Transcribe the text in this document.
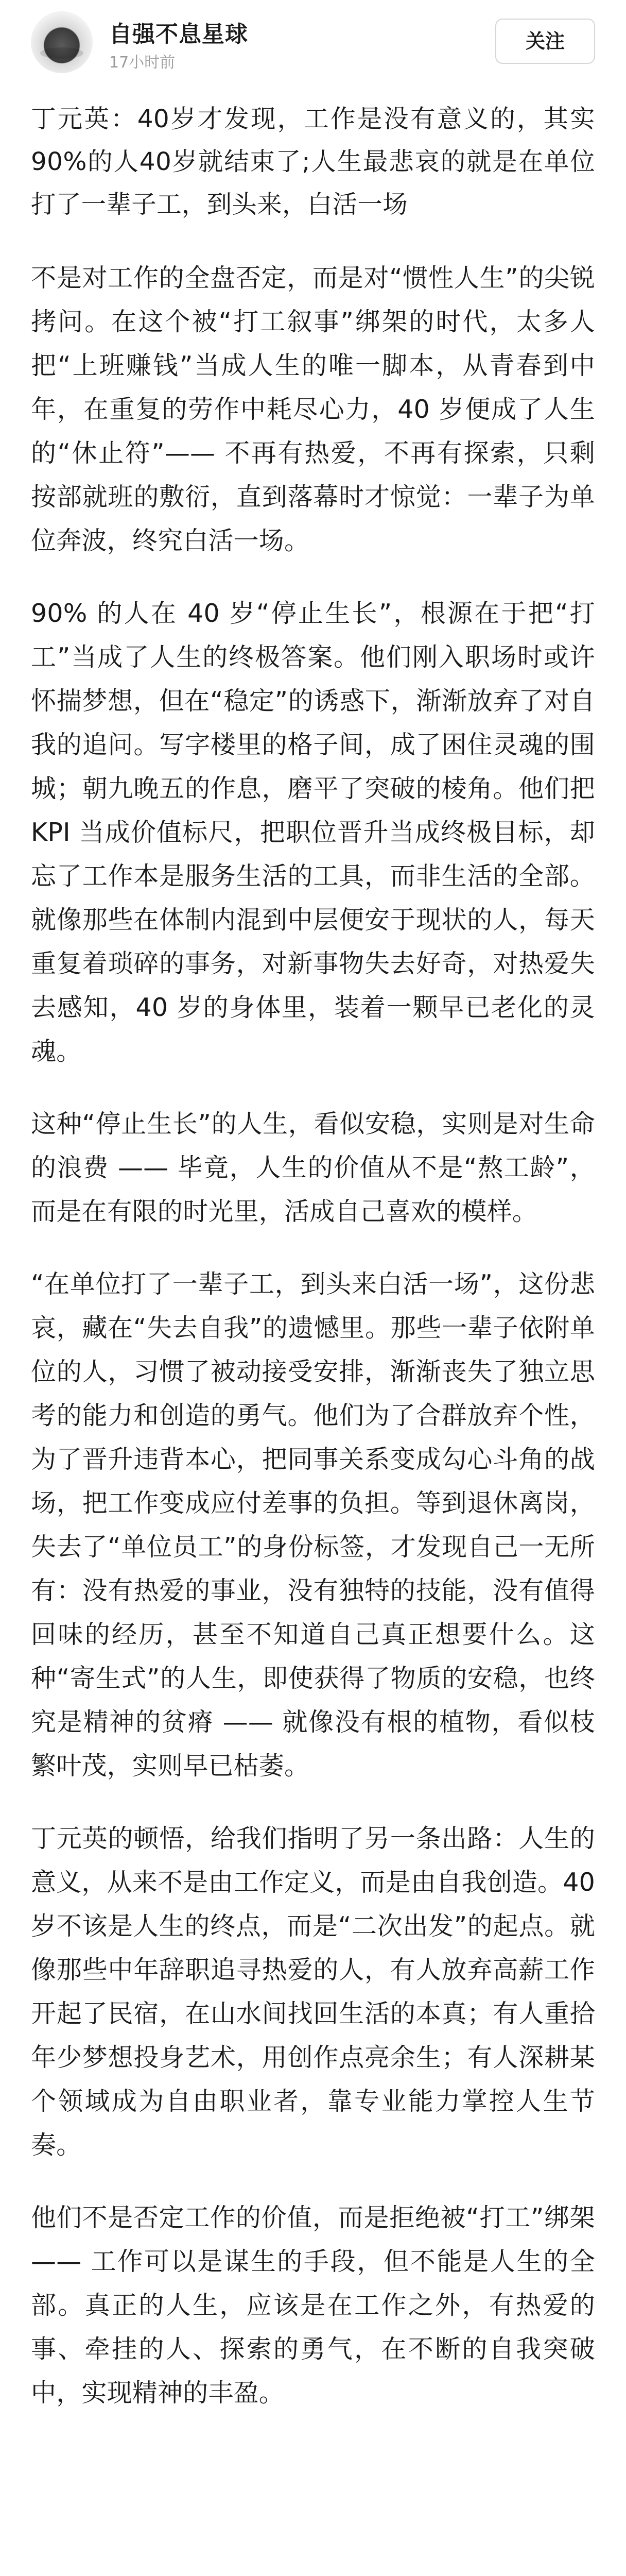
自强不息星球
17小时前
关注

丁元英：40岁才发现，工作是没有意义的，其实90%的人40岁就结束了;人生最悲哀的就是在单位打了一辈子工，到头来，白活一场

不是对工作的全盘否定，而是对“惯性人生”的尖锐拷问。在这个被“打工叙事”绑架的时代，太多人把“上班赚钱”当成人生的唯一脚本，从青春到中年，在重复的劳作中耗尽心力，40 岁便成了人生的“休止符”—— 不再有热爱，不再有探索，只剩按部就班的敷衍，直到落幕时才惊觉：一辈子为单位奔波，终究白活一场。

90% 的人在 40 岁“停止生长”，根源在于把“打工”当成了人生的终极答案。他们刚入职场时或许怀揣梦想，但在“稳定”的诱惑下，渐渐放弃了对自我的追问。写字楼里的格子间，成了困住灵魂的围城；朝九晚五的作息，磨平了突破的棱角。他们把 KPI 当成价值标尺，把职位晋升当成终极目标，却忘了工作本是服务生活的工具，而非生活的全部。就像那些在体制内混到中层便安于现状的人，每天重复着琐碎的事务，对新事物失去好奇，对热爱失去感知，40 岁的身体里，装着一颗早已老化的灵魂。

这种“停止生长”的人生，看似安稳，实则是对生命的浪费 —— 毕竟，人生的价值从不是“熬工龄”，而是在有限的时光里，活成自己喜欢的模样。

“在单位打了一辈子工，到头来白活一场”，这份悲哀，藏在“失去自我”的遗憾里。那些一辈子依附单位的人，习惯了被动接受安排，渐渐丧失了独立思考的能力和创造的勇气。他们为了合群放弃个性，为了晋升违背本心，把同事关系变成勾心斗角的战场，把工作变成应付差事的负担。等到退休离岗，失去了“单位员工”的身份标签，才发现自己一无所有：没有热爱的事业，没有独特的技能，没有值得回味的经历，甚至不知道自己真正想要什么。这种“寄生式”的人生，即使获得了物质的安稳，也终究是精神的贫瘠 —— 就像没有根的植物，看似枝繁叶茂，实则早已枯萎。

丁元英的顿悟，给我们指明了另一条出路：人生的意义，从来不是由工作定义，而是由自我创造。40 岁不该是人生的终点，而是“二次出发”的起点。就像那些中年辞职追寻热爱的人，有人放弃高薪工作开起了民宿，在山水间找回生活的本真；有人重拾年少梦想投身艺术，用创作点亮余生；有人深耕某个领域成为自由职业者，靠专业能力掌控人生节奏。

他们不是否定工作的价值，而是拒绝被“打工”绑架 —— 工作可以是谋生的手段，但不能是人生的全部。真正的人生，应该是在工作之外，有热爱的事、牵挂的人、探索的勇气，在不断的自我突破中，实现精神的丰盈。
